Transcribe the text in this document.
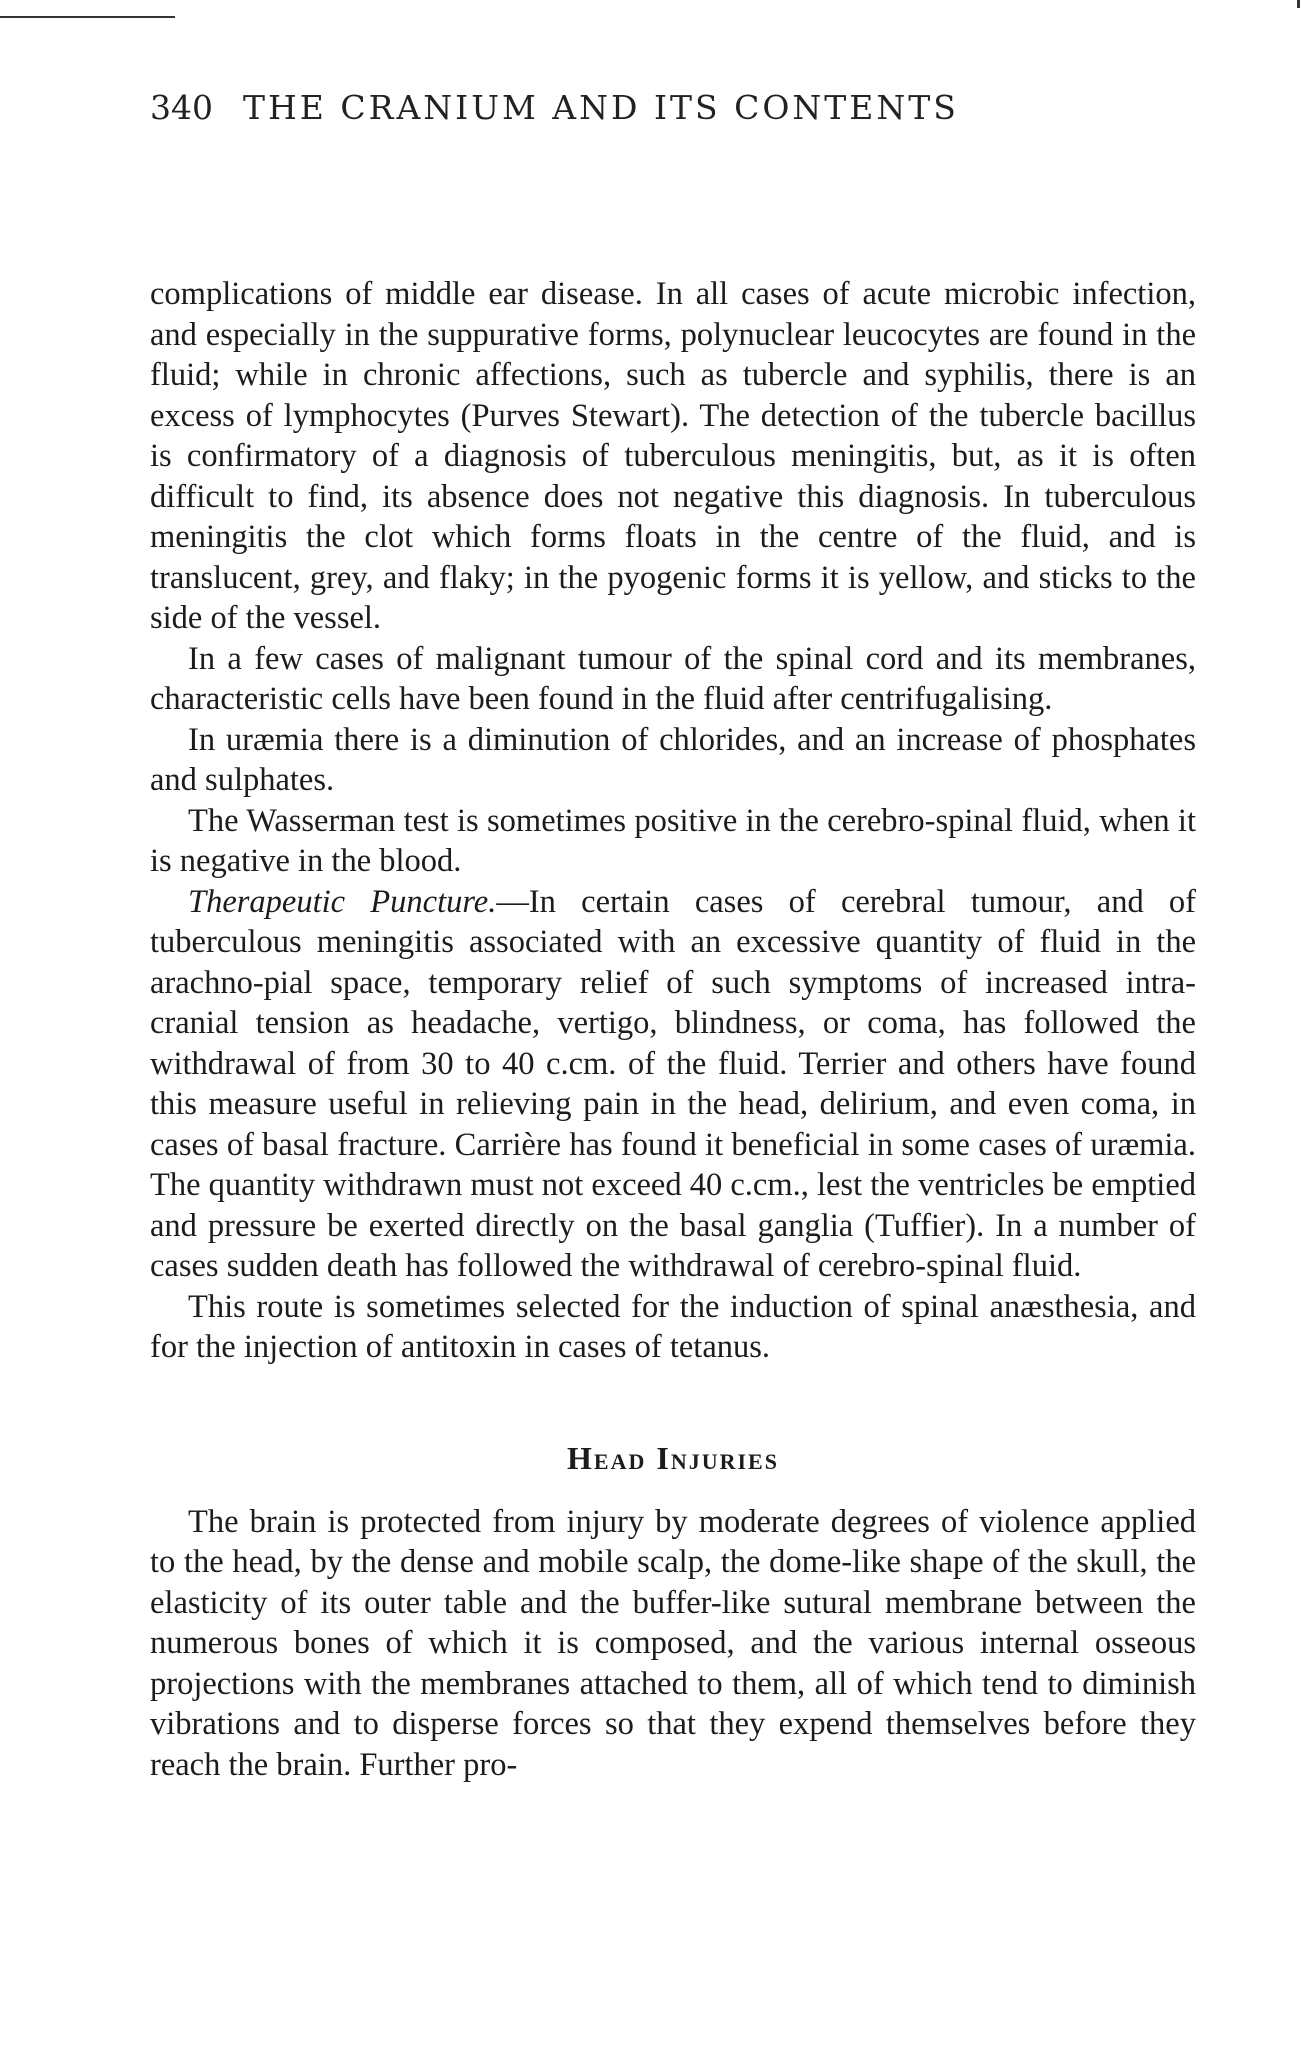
340 THE CRANIUM AND ITS CONTENTS

complications of middle ear disease. In all cases of acute microbic infection, and especially in the suppurative forms, polynuclear leucocytes are found in the fluid; while in chronic affections, such as tubercle and syphilis, there is an excess of lymphocytes (Purves Stewart). The detection of the tubercle bacillus is confirmatory of a diagnosis of tuberculous meningitis, but, as it is often difficult to find, its absence does not negative this diagnosis. In tuberculous meningitis the clot which forms floats in the centre of the fluid, and is translucent, grey, and flaky; in the pyogenic forms it is yellow, and sticks to the side of the vessel.

In a few cases of malignant tumour of the spinal cord and its membranes, characteristic cells have been found in the fluid after centrifugalising.

In uræmia there is a diminution of chlorides, and an increase of phosphates and sulphates.

The Wasserman test is sometimes positive in the cerebro-spinal fluid, when it is negative in the blood.

Therapeutic Puncture.—In certain cases of cerebral tumour, and of tuberculous meningitis associated with an excessive quantity of fluid in the arachno-pial space, temporary relief of such symptoms of increased intra-cranial tension as headache, vertigo, blindness, or coma, has followed the withdrawal of from 30 to 40 c.cm. of the fluid. Terrier and others have found this measure useful in relieving pain in the head, delirium, and even coma, in cases of basal fracture. Carrière has found it beneficial in some cases of uræmia. The quantity withdrawn must not exceed 40 c.cm., lest the ventricles be emptied and pressure be exerted directly on the basal ganglia (Tuffier). In a number of cases sudden death has followed the withdrawal of cerebro-spinal fluid.

This route is sometimes selected for the induction of spinal anæsthesia, and for the injection of antitoxin in cases of tetanus.

Head Injuries

The brain is protected from injury by moderate degrees of violence applied to the head, by the dense and mobile scalp, the dome-like shape of the skull, the elasticity of its outer table and the buffer-like sutural membrane between the numerous bones of which it is composed, and the various internal osseous projections with the membranes attached to them, all of which tend to diminish vibrations and to disperse forces so that they expend themselves before they reach the brain. Further pro-
